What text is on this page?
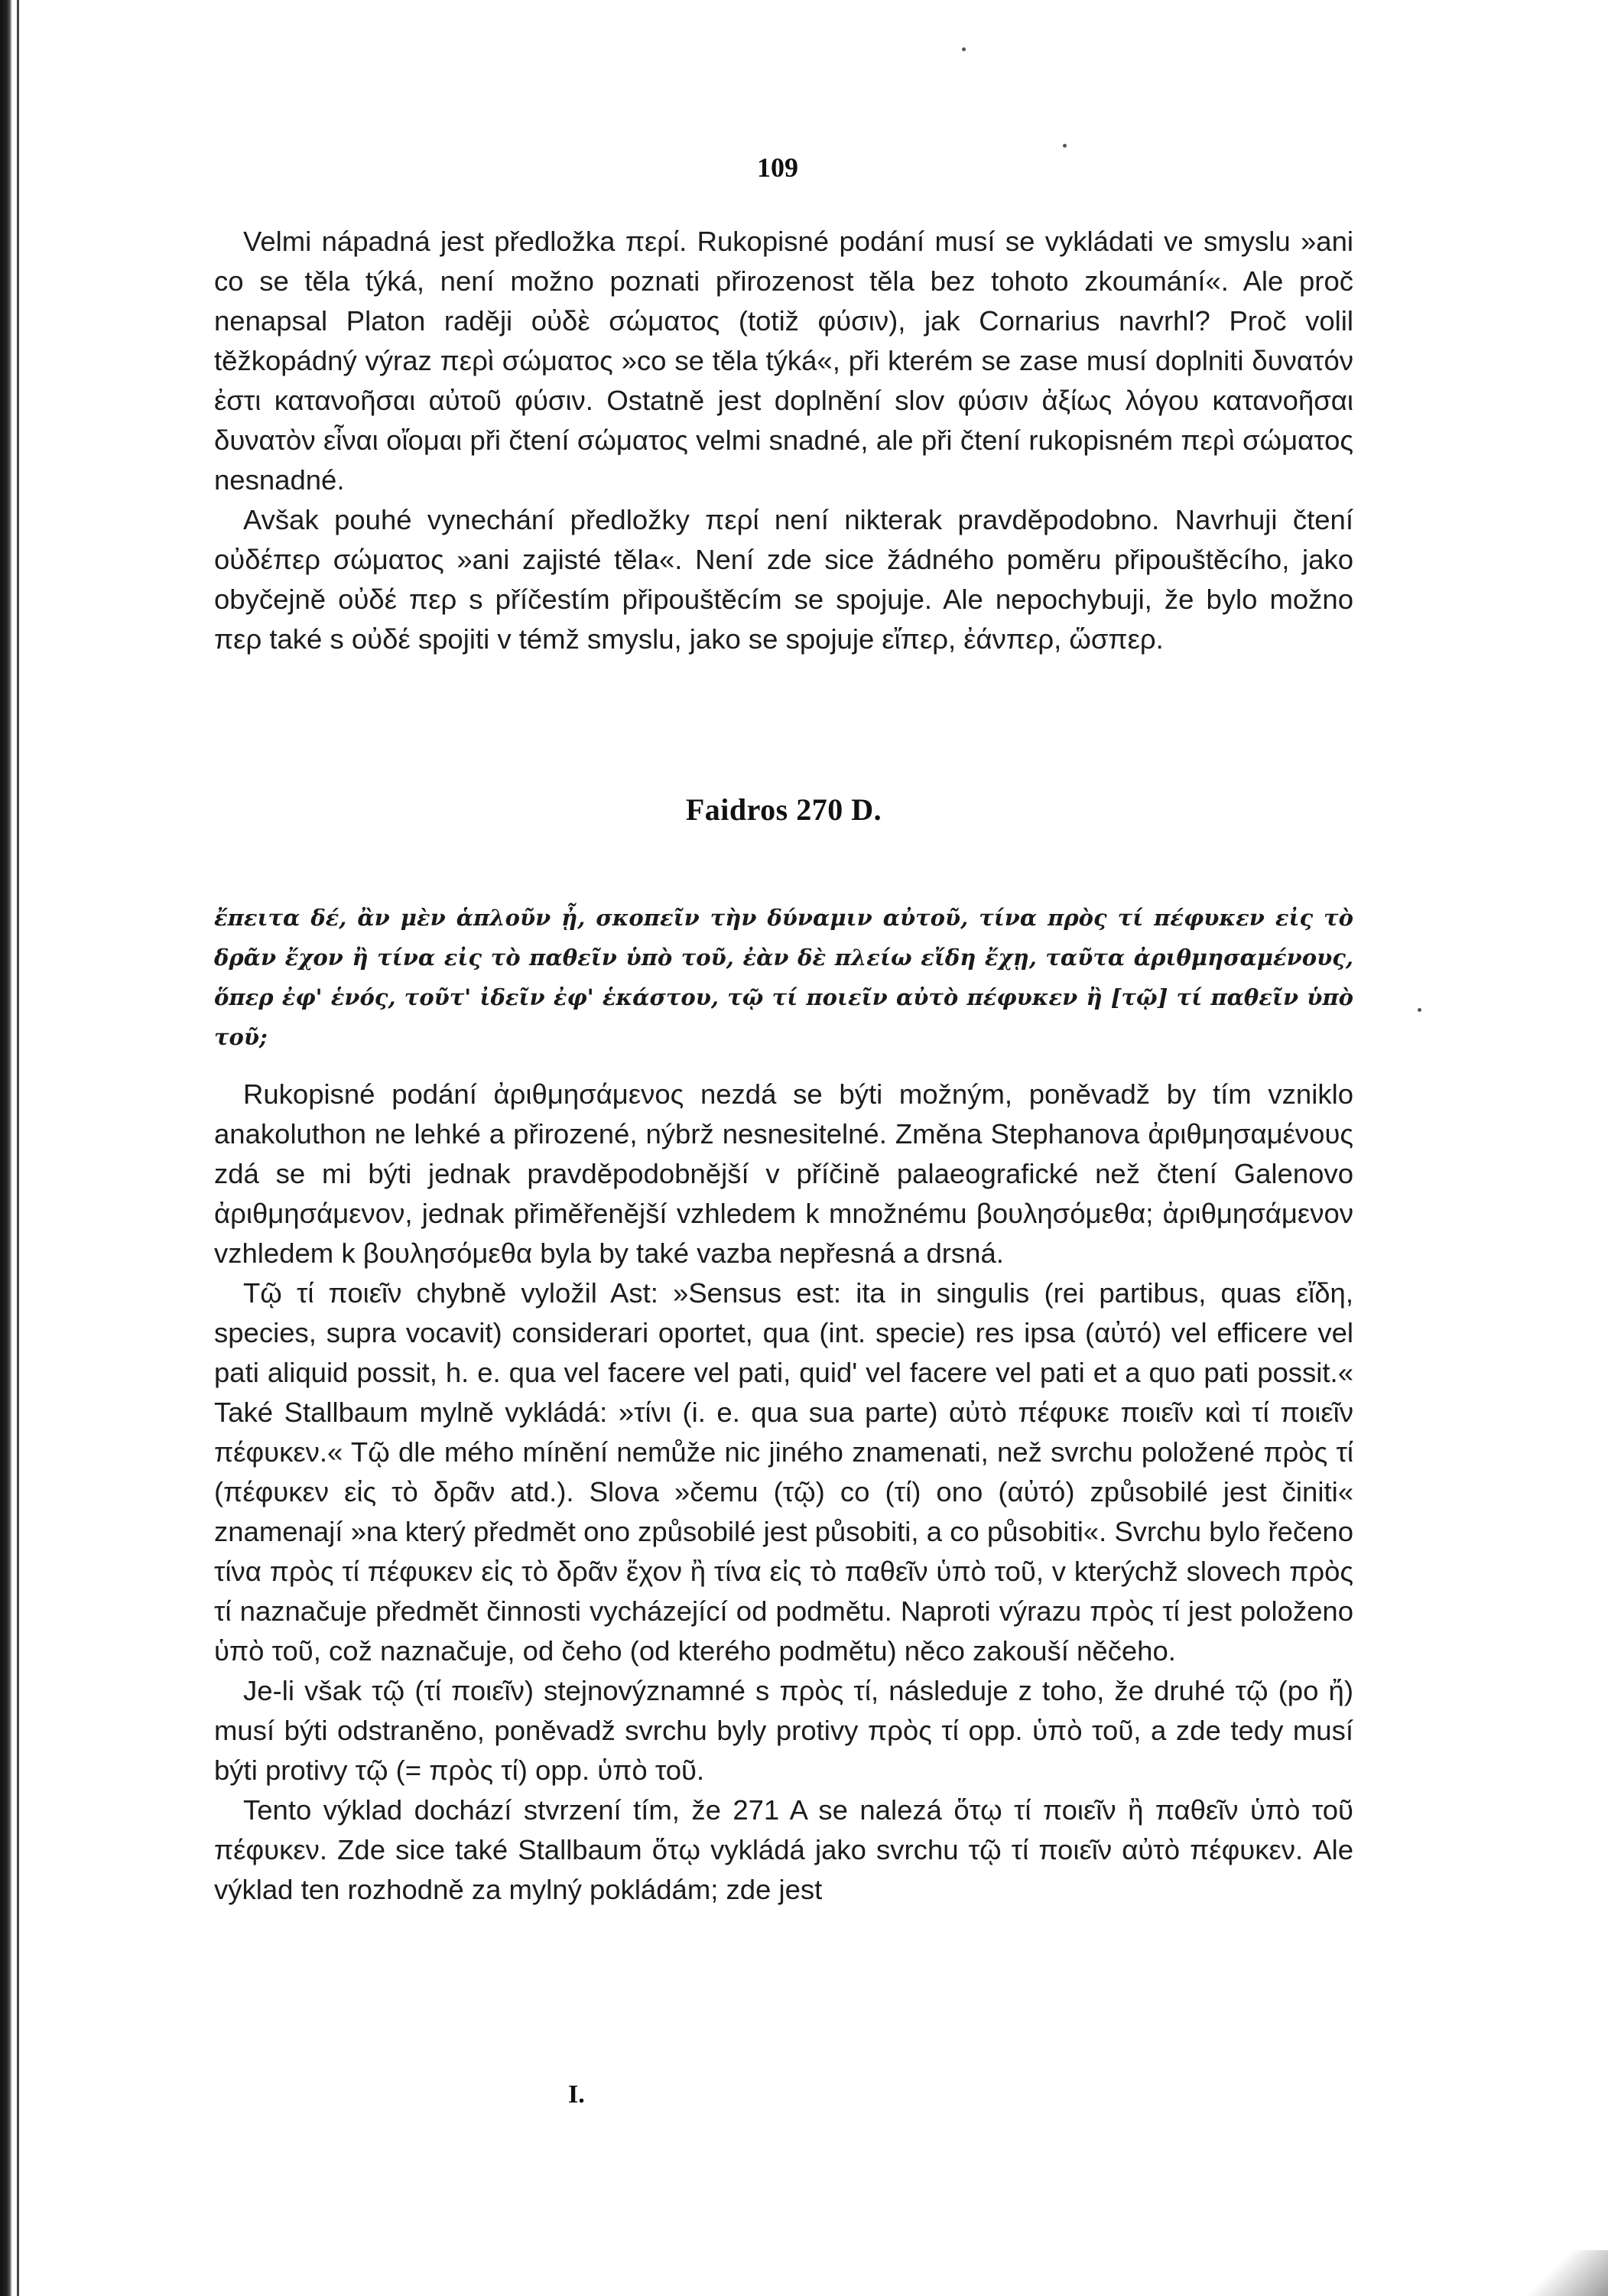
109

Velmi nápadná jest předložka περί. Rukopisné podání musí se vykládati ve smyslu »ani co se těla týká, není možno poznati přirozenost těla bez tohoto zkoumání«. Ale proč nenapsal Platon raději οὐδὲ σώματος (totiž φύσιν), jak Cornarius navrhl? Proč volil těžkopádný výraz περὶ σώματος »co se těla týká«, při kterém se zase musí doplniti δυνατόν ἐστι κατανοῆσαι αὐτοῦ φύσιν. Ostatně jest doplnění slov φύσιν ἀξίως λόγου κατανοῆσαι δυνατὸν εἶναι οἴομαι při čtení σώματος velmi snadné, ale při čtení rukopisném περὶ σώματος nesnadné.

Avšak pouhé vynechání předložky περί není nikterak pravděpodobno. Navrhuji čtení οὐδέπερ σώματος »ani zajisté těla«. Není zde sice žádného poměru připouštěcího, jako obyčejně οὐδέ περ s příčestím připouštěcím se spojuje. Ale nepochybuji, že bylo možno περ také s οὐδέ spojiti v témž smyslu, jako se spojuje εἴπερ, ἐάνπερ, ὥσπερ.

Faidros 270 D.

ἔπειτα δέ, ἂν μὲν ἁπλοῦν ᾖ, σκοπεῖν τὴν δύναμιν αὐτοῦ, τίνα πρὸς τί πέφυκεν εἰς τὸ δρᾶν ἔχον ἢ τίνα εἰς τὸ παθεῖν ὑπὸ τοῦ, ἐὰν δὲ πλείω εἴδη ἔχῃ, ταῦτα ἀριθμησαμένους, ὅπερ ἐφ' ἑνός, τοῦτ' ἰδεῖν ἐφ' ἑκάστου, τῷ τί ποιεῖν αὐτὸ πέφυκεν ἢ [τῷ] τί παθεῖν ὑπὸ τοῦ;

Rukopisné podání ἀριθμησάμενος nezdá se býti možným, poněvadž by tím vzniklo anakoluthon ne lehké a přirozené, nýbrž nesnesitelné. Změna Stephanova ἀριθμησαμένους zdá se mi býti jednak pravděpodobnější v příčině palaeografické než čtení Galenovo ἀριθμησάμενον, jednak přiměřenější vzhledem k množnému βουλησόμεθα; ἀριθμησάμενον vzhledem k βουλησόμεθα byla by také vazba nepřesná a drsná.

Τῷ τί ποιεῖν chybně vyložil Ast: »Sensus est: ita in singulis (rei partibus, quas εἴδη, species, supra vocavit) considerari oportet, qua (int. specie) res ipsa (αὐτό) vel efficere vel pati aliquid possit, h. e. qua vel facere vel pati, quid' vel facere vel pati et a quo pati possit.« Také Stallbaum mylně vykládá: »τίνι (i. e. qua sua parte) αὐτὸ πέφυκε ποιεῖν καὶ τί ποιεῖν πέφυκεν.« Τῷ dle mého mínění nemůže nic jiného znamenati, než svrchu položené πρὸς τί (πέφυκεν εἰς τὸ δρᾶν atd.). Slova »čemu (τῷ) co (τί) ono (αὐτό) způsobilé jest činiti« znamenají »na který předmět ono způsobilé jest působiti, a co působiti«. Svrchu bylo řečeno τίνα πρὸς τί πέφυκεν εἰς τὸ δρᾶν ἔχον ἢ τίνα εἰς τὸ παθεῖν ὑπὸ τοῦ, v kterýchž slovech πρὸς τί naznačuje předmět činnosti vycházející od podmětu. Naproti výrazu πρὸς τί jest položeno ὑπὸ τοῦ, což naznačuje, od čeho (od kterého podmětu) něco zakouší něčeho.

Je-li však τῷ (τί ποιεῖν) stejnovýznamné s πρὸς τί, následuje z toho, že druhé τῷ (po ἤ) musí býti odstraněno, poněvadž svrchu byly protivy πρὸς τί opp. ὑπὸ τοῦ, a zde tedy musí býti protivy τῷ (= πρὸς τί) opp. ὑπὸ τοῦ.

Tento výklad dochází stvrzení tím, že 271 A se nalezá ὅτῳ τί ποιεῖν ἢ παθεῖν ὑπὸ τοῦ πέφυκεν. Zde sice také Stallbaum ὅτῳ vykládá jako svrchu τῷ τί ποιεῖν αὐτὸ πέφυκεν. Ale výklad ten rozhodně za mylný pokládám; zde jest

I.
